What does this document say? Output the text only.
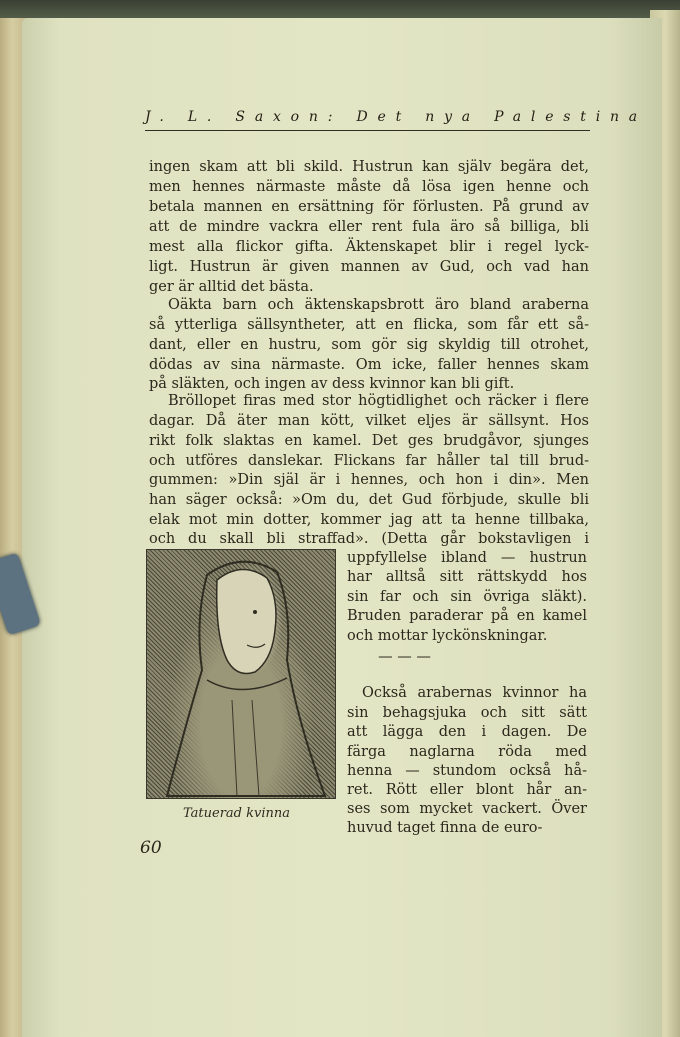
J. L. Saxon: Det nya Palestina
ingen skam att bli skild. Hustrun kan själv begära det,
men hennes närmaste måste då lösa igen henne och
betala mannen en ersättning för förlusten. På grund av
att de mindre vackra eller rent fula äro så billiga, bli
mest alla flickor gifta. Äktenskapet blir i regel lyck-
ligt. Hustrun är given mannen av Gud, och vad han
ger är alltid det bästa.
Oäkta barn och äktenskapsbrott äro bland araberna
så ytterliga sällsyntheter, att en flicka, som får ett så-
dant, eller en hustru, som gör sig skyldig till otrohet,
dödas av sina närmaste. Om icke, faller hennes skam
på släkten, och ingen av dess kvinnor kan bli gift.
Bröllopet firas med stor högtidlighet och räcker i flere
dagar. Då äter man kött, vilket eljes är sällsynt. Hos
rikt folk slaktas en kamel. Det ges brudgåvor, sjunges
och utföres danslekar. Flickans far håller tal till brud-
gummen: »Din själ är i hennes, och hon i din». Men
han säger också: »Om du, det Gud förbjude, skulle bli
elak mot min dotter, kommer jag att ta henne tillbaka,
och du skall bli straffad». (Detta går bokstavligen i
uppfyllelse ibland — hustrun
har alltså sitt rättskydd hos
sin far och sin övriga släkt).
Bruden paraderar på en kamel
och mottar lyckönskningar.
— — —
Också arabernas kvinnor ha
sin behagsjuka och sitt sätt
att lägga den i dagen. De
färga naglarna röda med
henna — stundom också hå-
ret. Rött eller blont hår an-
ses som mycket vackert. Över
huvud taget finna de euro-
Tatuerad kvinna
60
